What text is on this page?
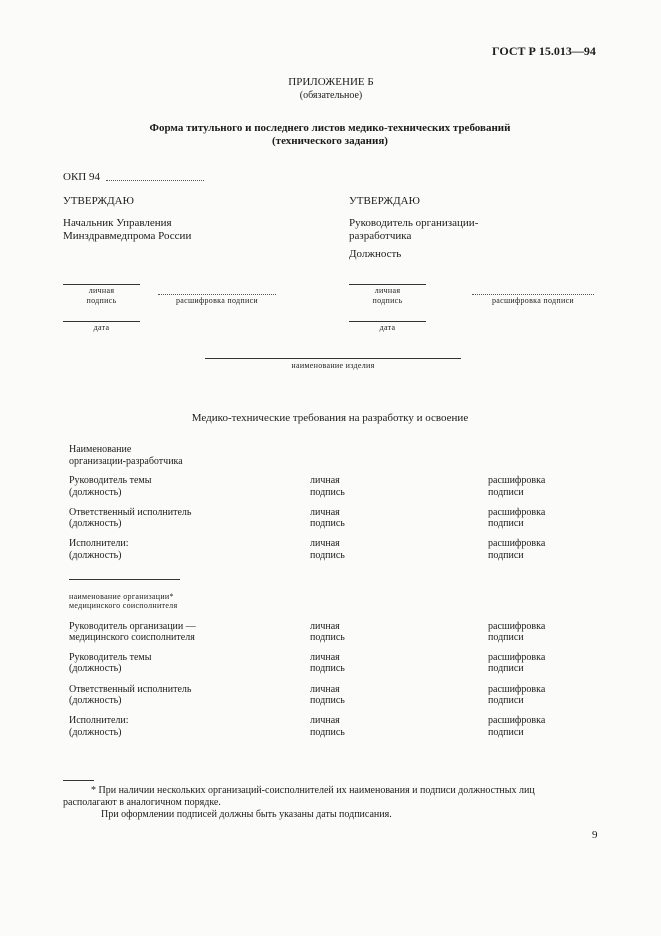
ГОСТ Р 15.013—94
ПРИЛОЖЕНИЕ Б
(обязательное)
Форма титульного и последнего листов медико-технических требований
(технического задания)
ОКП 94
УТВЕРЖДАЮ
Начальник Управления
Минздравмедпрома России
личная
подпись	расшифровка подписи
дата
УТВЕРЖДАЮ
Руководитель организации-
разработчика
Должность
личная
подпись	расшифровка подписи
дата
наименование изделия
Медико-технические требования на разработку и освоение
Наименование
организации-разработчика
Руководитель темы
(должность)
личная
подпись
расшифровка
подписи
Ответственный исполнитель
(должность)
личная
подпись
расшифровка
подписи
Исполнители:
(должность)
личная
подпись
расшифровка
подписи
наименование организации*
медицинского соисполнителя
Руководитель организации —
медицинского соисполнителя
личная
подпись
расшифровка
подписи
Руководитель темы
(должность)
личная
подпись
расшифровка
подписи
Ответственный исполнитель
(должность)
личная
подпись
расшифровка
подписи
Исполнители:
(должность)
личная
подпись
расшифровка
подписи
* При наличии нескольких организаций-соисполнителей их наименования и подписи должностных лиц
располагают в аналогичном порядке.
При оформлении подписей должны быть указаны даты подписания.
9
